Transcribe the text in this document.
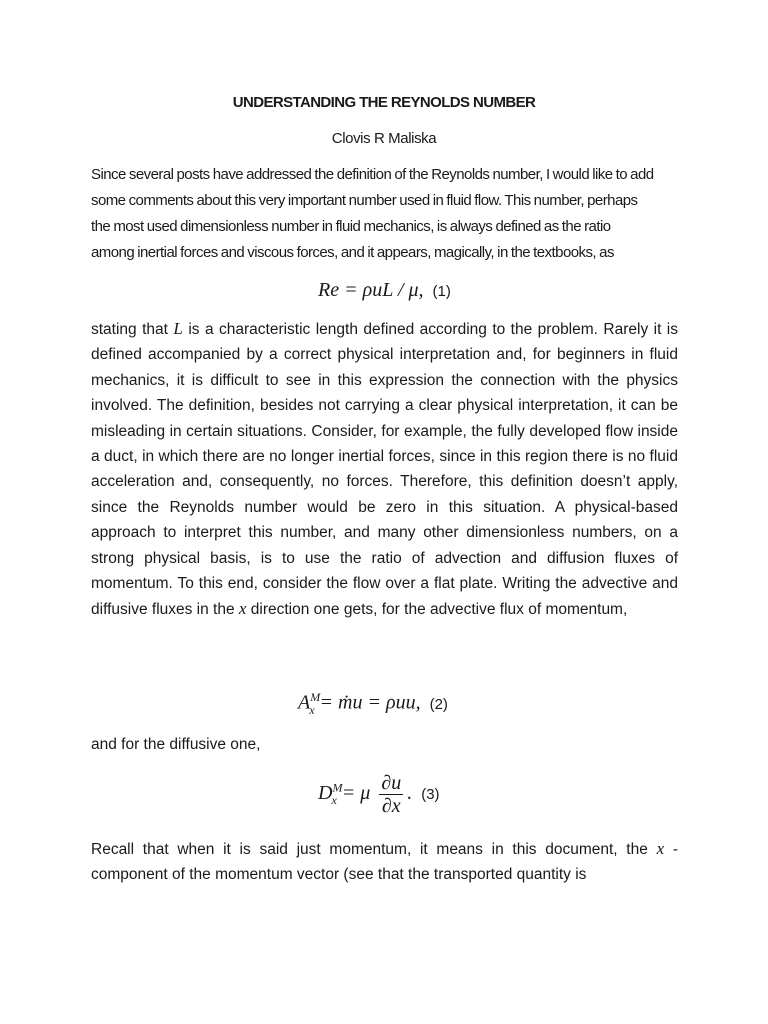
UNDERSTANDING THE REYNOLDS NUMBER
Clovis R Maliska
Since several posts have addressed the definition of the Reynolds number, I would like to add
some comments about this very important number used in fluid flow. This number, perhaps
the most used dimensionless number in fluid mechanics, is always defined as the ratio
among inertial forces and viscous forces, and it appears, magically, in the textbooks, as
Re = ρuL / μ, (1)
stating that L is a characteristic length defined according to the problem. Rarely it is defined accompanied by a correct physical interpretation and, for beginners in fluid mechanics, it is difficult to see in this expression the connection with the physics involved. The definition, besides not carrying a clear physical interpretation, it can be misleading in certain situations. Consider, for example, the fully developed flow inside a duct, in which there are no longer inertial forces, since in this region there is no fluid acceleration and, consequently, no forces. Therefore, this definition doesn’t apply, since the Reynolds number would be zero in this situation. A physical-based approach to interpret this number, and many other dimensionless numbers, on a strong physical basis, is to use the ratio of advection and diffusion fluxes of momentum. To this end, consider the flow over a flat plate. Writing the advective and diffusive fluxes in the x direction one gets, for the advective flux of momentum,
$A^M_x$ = ṁu = ρuu, (2)
and for the diffusive one,
$D^M_x = \mu \frac{\partial u}{\partial x}$ . (3)
Recall that when it is said just momentum, it means in this document, the x - component of the momentum vector (see that the transported quantity is
